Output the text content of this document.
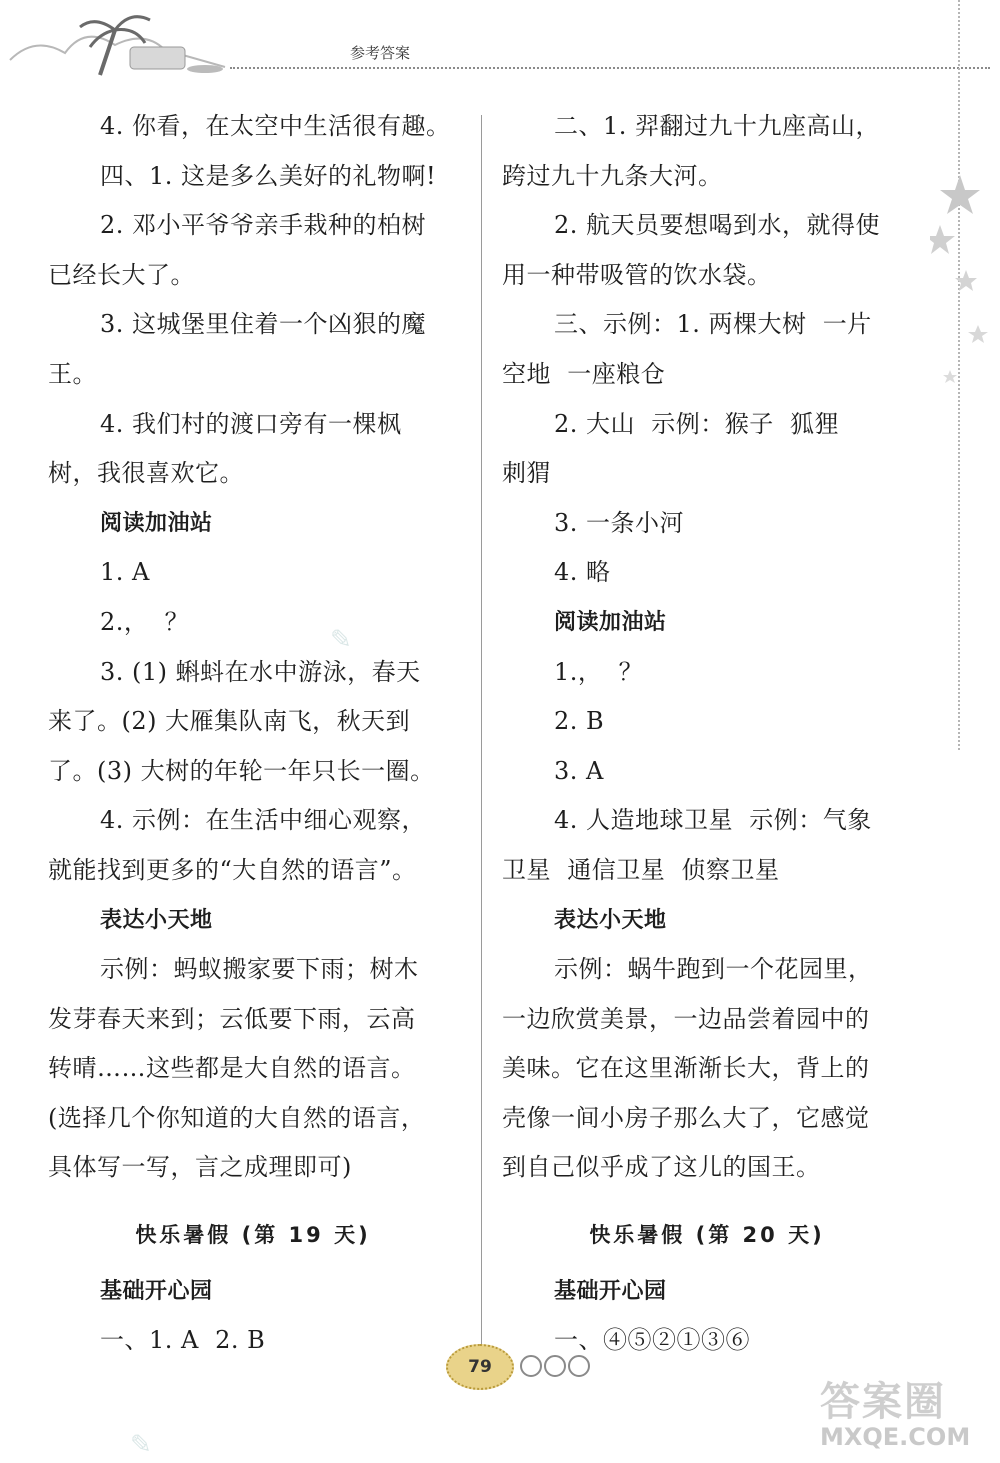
参考答案

4. 你看，在太空中生活很有趣。

四、1. 这是多么美好的礼物啊!

2. 邓小平爷爷亲手栽种的柏树

已经长大了。

3. 这城堡里住着一个凶狠的魔

王。

4. 我们村的渡口旁有一棵枫

树，我很喜欢它。

阅读加油站

1. A

2.，  ？

3. (1) 蝌蚪在水中游泳，春天

来了。(2) 大雁集队南飞，秋天到

了。(3) 大树的年轮一年只长一圈。

4. 示例：在生活中细心观察，

就能找到更多的“大自然的语言”。

表达小天地

示例：蚂蚁搬家要下雨；树木

发芽春天来到；云低要下雨，云高

转晴……这些都是大自然的语言。

(选择几个你知道的大自然的语言，

具体写一写，言之成理即可)

快乐暑假 (第 19 天)

基础开心园

一、1. A  2. B

二、1. 羿翻过九十九座高山，

跨过九十九条大河。

2. 航天员要想喝到水，就得使

用一种带吸管的饮水袋。

三、示例：1. 两棵大树  一片

空地  一座粮仓

2. 大山  示例：猴子  狐狸

刺猬

3. 一条小河

4. 略

阅读加油站

1.，  ？

2. B

3. A

4. 人造地球卫星  示例：气象

卫星  通信卫星  侦察卫星

表达小天地

示例：蜗牛跑到一个花园里，

一边欣赏美景，一边品尝着园中的

美味。它在这里渐渐长大，背上的

壳像一间小房子那么大了，它感觉

到自己似乎成了这儿的国王。

快乐暑假 (第 20 天)

基础开心园

一、④⑤②①③⑥

✎
✎
79
答案圈
MXQE.COM
